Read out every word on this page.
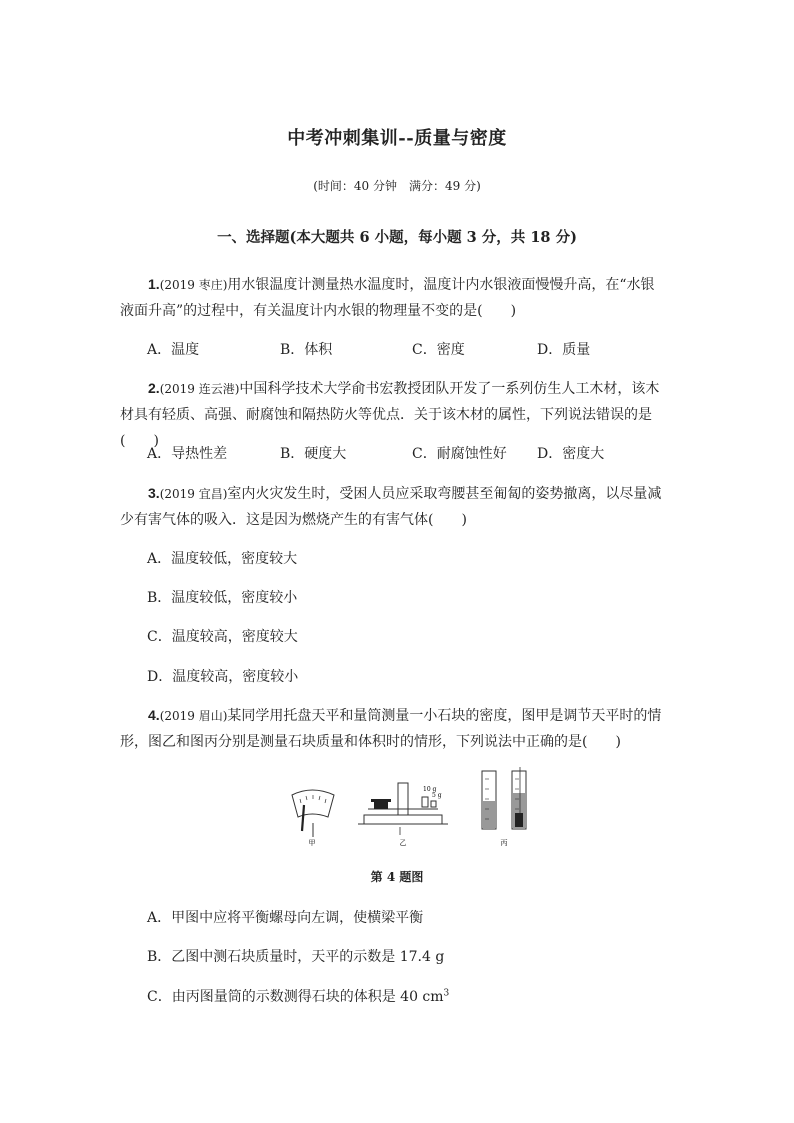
中考冲刺集训--质量与密度
(时间：40 分钟　满分：49 分)
一、选择题(本大题共 6 小题，每小题 3 分，共 18 分)
1.(2019 枣庄)用水银温度计测量热水温度时，温度计内水银液面慢慢升高，在“水银
液面升高”的过程中，有关温度计内水银的物理量不变的是(　　)
A．温度	B．体积	C．密度	D．质量
2.(2019 连云港)中国科学技术大学俞书宏教授团队开发了一系列仿生人工木材，该木
材具有轻质、高强、耐腐蚀和隔热防火等优点．关于该木材的属性，下列说法错误的是(　　)
A．导热性差	B．硬度大	C．耐腐蚀性好 D．密度大
3.(2019 宜昌)室内火灾发生时，受困人员应采取弯腰甚至匍匐的姿势撤离，以尽量减
少有害气体的吸入．这是因为燃烧产生的有害气体(　　)
A．温度较低，密度较大
B．温度较低，密度较小
C．温度较高，密度较大
D．温度较高，密度较小
4.(2019 眉山)某同学用托盘天平和量筒测量一小石块的密度，图甲是调节天平时的情
形，图乙和图丙分别是测量石块质量和体积时的情形，下列说法中正确的是(　　)
甲
10 g
5 g
乙	丙
第 4 题图
A．甲图中应将平衡螺母向左调，使横梁平衡
B．乙图中测石块质量时，天平的示数是 17.4 g
C．由丙图量筒的示数测得石块的体积是 40 $cm^3$
